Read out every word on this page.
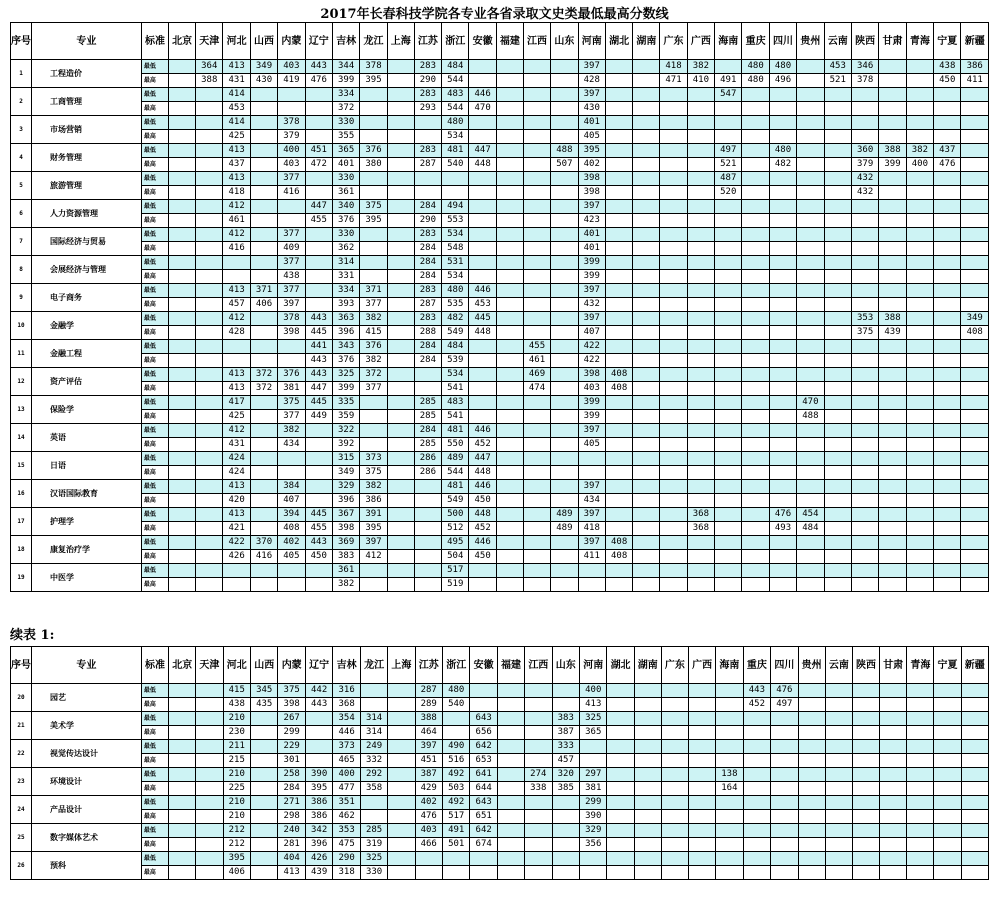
2017年长春科技学院各专业各省录取文史类最低最高分数线
序号	专业	标准	北京	天津	河北	山西	内蒙	辽宁	吉林	龙江	上海	江苏	浙江	安徽	福建	江西	山东	河南	湖北	湖南	广东	广西	海南	重庆	四川	贵州	云南	陕西	甘肃	青海	宁夏	新疆
1	工程造价	最低		364	413	349	403	443	344	378		283	484					397			418	382		480	480		453	346			438	386
		最高		388	431	430	419	476	399	395		290	544					428			471	410	491	480	496		521	378			450	411
2	工商管理	最低			414				334			283	483	446				397					547									
		最高			453				372			293	544	470				430														
3	市场营销	最低			414		378		330				480					401														
		最高			425		379		355				534					405														
4	财务管理	最低			413		400	451	365	376		283	481	447			488	395					497		480			360	388	382	437	
		最高			437		403	472	401	380		287	540	448			507	402					521		482			379	399	400	476	
5	旅游管理	最低			413		377		330									398					487					432				
		最高			418		416		361									398					520					432				
6	人力资源管理	最低			412			447	340	375		284	494					397														
		最高			461			455	376	395		290	553					423														
7	国际经济与贸易	最低			412		377		330			283	534					401														
		最高			416		409		362			284	548					401														
8	会展经济与管理	最低					377		314			284	531					399														
		最高					438		331			284	534					399														
9	电子商务	最低			413	371	377		334	371		283	480	446				397														
		最高			457	406	397		393	377		287	535	453				432														
10	金融学	最低			412		378	443	363	382		283	482	445				397										353	388			349
		最高			428		398	445	396	415		288	549	448				407										375	439			408
11	金融工程	最低						441	343	376		284	484			455		422														
		最高						443	376	382		284	539			461		422														
12	资产评估	最低			413	372	376	443	325	372			534			469		398	408													
		最高			413	372	381	447	399	377			541			474		403	408													
13	保险学	最低			417		375	445	335			285	483					399								470						
		最高			425		377	449	359			285	541					399								488						
14	英语	最低			412		382		322			284	481	446				397														
		最高			431		434		392			285	550	452				405														
15	日语	最低			424				315	373		286	489	447																		
		最高			424				349	375		286	544	448																		
16	汉语国际教育	最低			413		384		329	382			481	446				397														
		最高			420		407		396	386			549	450				434														
17	护理学	最低			413		394	445	367	391			500	448			489	397				368			476	454						
		最高			421		408	455	398	395			512	452			489	418				368			493	484						
18	康复治疗学	最低			422	370	402	443	369	397			495	446				397	408													
		最高			426	416	405	450	383	412			504	450				411	408													
19	中医学	最低							361				517																			
		最高							382				519																			
续表 1:
序号	专业	标准	北京	天津	河北	山西	内蒙	辽宁	吉林	龙江	上海	江苏	浙江	安徽	福建	江西	山东	河南	湖北	湖南	广东	广西	海南	重庆	四川	贵州	云南	陕西	甘肃	青海	宁夏	新疆
20	园艺	最低			415	345	375	442	316			287	480					400						443	476							
		最高			438	435	398	443	368			289	540					413						452	497							
21	美术学	最低			210		267		354	314		388		643			383	325														
		最高			230		299		446	314		464		656			387	365														
22	视觉传达设计	最低			211		229		373	249		397	490	642			333															
		最高			215		301		465	332		451	516	653			457															
23	环境设计	最低			210		258	390	400	292		387	492	641		274	320	297					138									
		最高			225		284	395	477	358		429	503	644		338	385	381					164									
24	产品设计	最低			210		271	386	351			402	492	643				299														
		最高			210		298	386	462			476	517	651				390														
25	数字媒体艺术	最低			212		240	342	353	285		403	491	642				329														
		最高			212		281	396	475	319		466	501	674				356														
26	预科	最低			395		404	426	290	325																						
		最高			406		413	439	318	330																						
